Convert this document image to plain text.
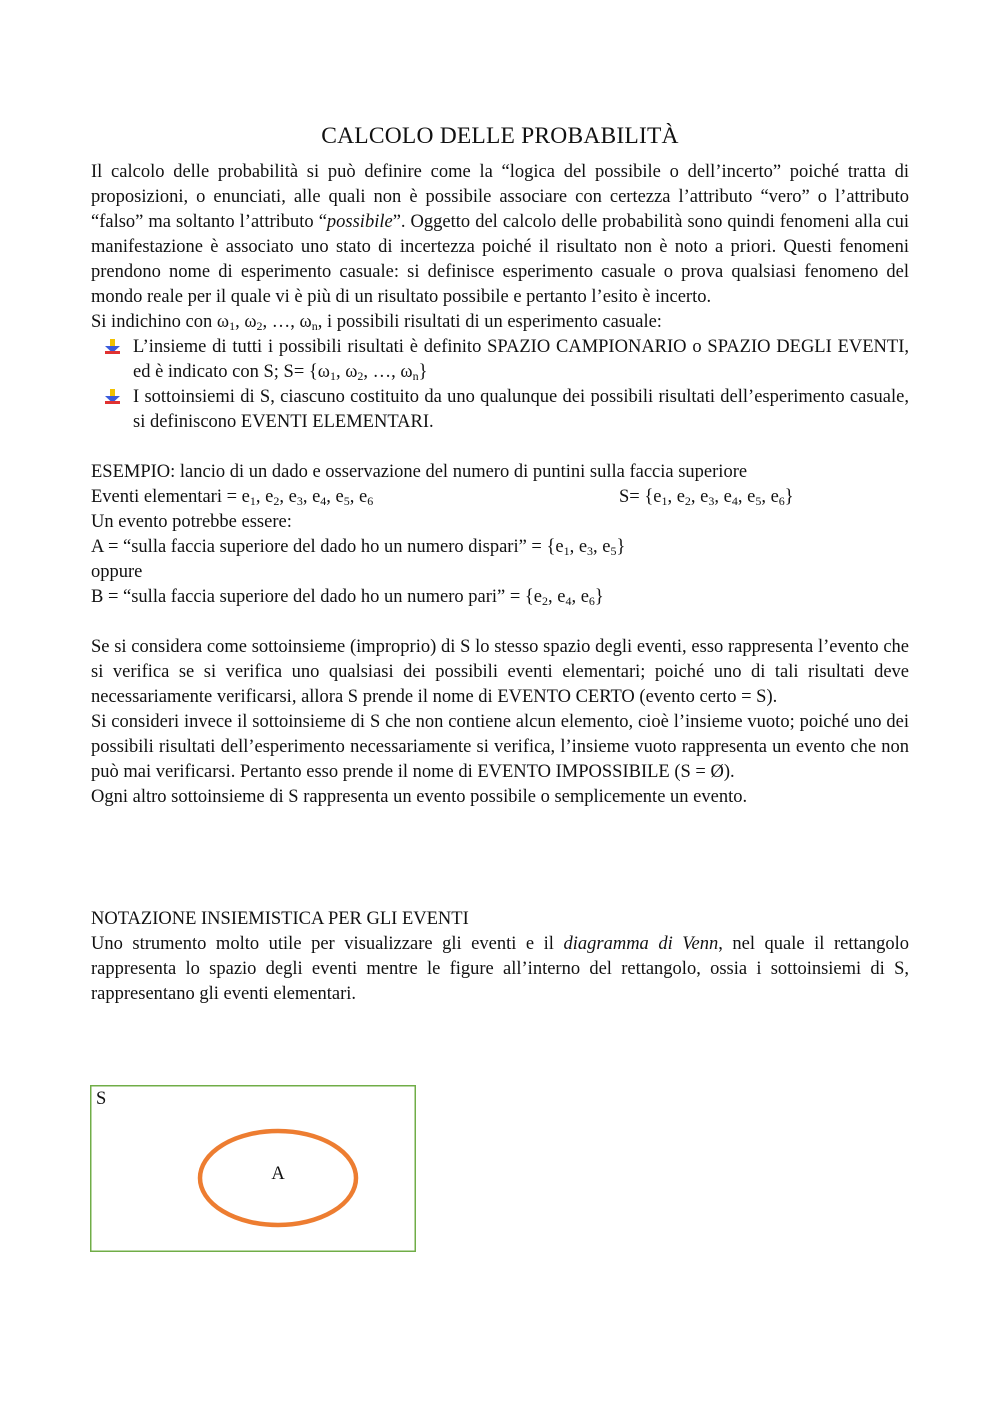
CALCOLO DELLE PROBABILITÀ

Il calcolo delle probabilità si può definire come la “logica del possibile o dell’incerto” poiché tratta di proposizioni, o enunciati, alle quali non è possibile associare con certezza l’attributo “vero” o l’attributo “falso” ma soltanto l’attributo “possibile”. Oggetto del calcolo delle probabilità sono quindi fenomeni alla cui manifestazione è associato uno stato di incertezza poiché il risultato non è noto a priori. Questi fenomeni prendono nome di esperimento casuale: si definisce esperimento casuale o prova qualsiasi fenomeno del mondo reale per il quale vi è più di un risultato possibile e pertanto l’esito è incerto.

Si indichino con $\omega_1$, $\omega_2$, …, $\omega_n$, i possibili risultati di un esperimento casuale:

L’insieme di tutti i possibili risultati è definito SPAZIO CAMPIONARIO o SPAZIO DEGLI EVENTI, ed è indicato con S; $S= \{\omega_1$, $\omega_2$, …, $\omega_n$}
I sottoinsiemi di S, ciascuno costituito da uno qualunque dei possibili risultati dell’esperimento casuale, si definiscono EVENTI ELEMENTARI.

ESEMPIO: lancio di un dado e osservazione del numero di puntini sulla faccia superiore

Eventi elementari = $e_1$, $e_2$, $e_3$, $e_4$, $e_5$, $e_6$	$S= \{e_1$, $e_2$, $e_3$, $e_4$, $e_5$, $e_6$}

Un evento potrebbe essere:

A = “sulla faccia superiore del dado ho un numero dispari” = {$e_1$, $e_3$, $e_5$}

oppure

B = “sulla faccia superiore del dado ho un numero pari” = {$e_2$, $e_4$, $e_6$}

Se si considera come sottoinsieme (improprio) di S lo stesso spazio degli eventi, esso rappresenta l’evento che si verifica se si verifica uno qualsiasi dei possibili eventi elementari; poiché uno di tali risultati deve necessariamente verificarsi, allora S prende il nome di EVENTO CERTO (evento certo = S).

Si consideri invece il sottoinsieme di S che non contiene alcun elemento, cioè l’insieme vuoto; poiché uno dei possibili risultati dell’esperimento necessariamente si verifica, l’insieme vuoto rappresenta un evento che non può mai verificarsi. Pertanto esso prende il nome di EVENTO IMPOSSIBILE (S = Ø).

Ogni altro sottoinsieme di S rappresenta un evento possibile o semplicemente un evento.

NOTAZIONE INSIEMISTICA PER GLI EVENTI

Uno strumento molto utile per visualizzare gli eventi e il diagramma di Venn, nel quale il rettangolo rappresenta lo spazio degli eventi mentre le figure all’interno del rettangolo, ossia i sottoinsiemi di S, rappresentano gli eventi elementari.

S
A
